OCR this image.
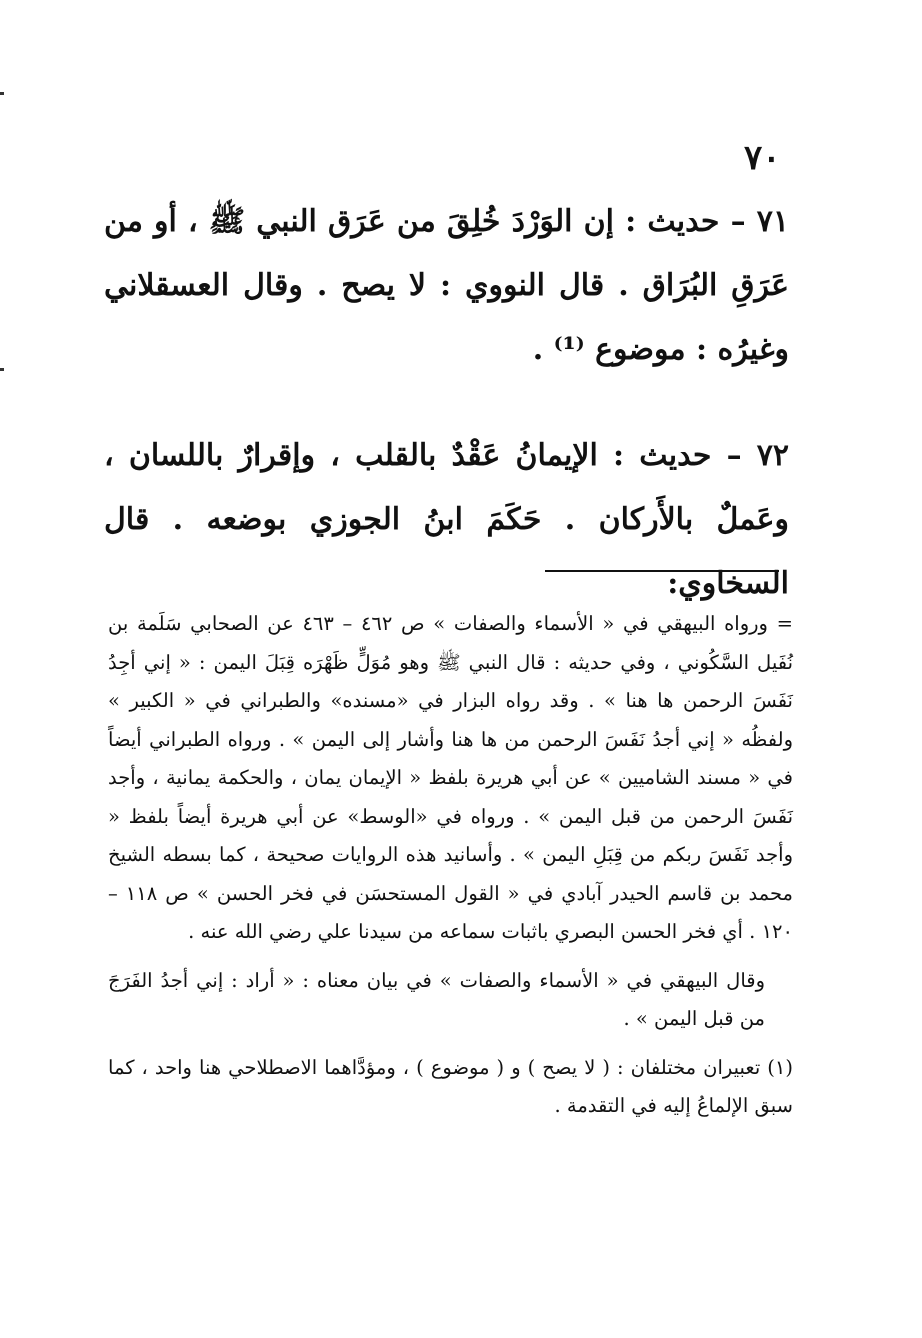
٧٠

٧١ – حديث : إن الوَرْدَ خُلِقَ من عَرَق النبي ﷺ ، أو من عَرَقِ البُرَاق . قال النووي : لا يصح . وقال العسقلاني وغيرُه : موضوع ⁽¹⁾ .

٧٢ – حديث : الإيمانُ عَقْدٌ بالقلب ، وإقرارٌ باللسان ، وعَملٌ بالأَركان . حَكَمَ ابنُ الجوزي بوضعه . قال السخاوي:

= ورواه البيهقي في « الأسماء والصفات » ص ٤٦٢ – ٤٦٣ عن الصحابي سَلَمة بن نُفَيل السَّكُوني ، وفي حديثه : قال النبي ﷺ وهو مُوَلٍّ ظَهْرَه قِبَلَ اليمن : « إني أجِدُ نَفَسَ الرحمن ها هنا » . وقد رواه البزار في «مسنده» والطبراني في « الكبير » ولفظُه « إني أجدُ نَفَسَ الرحمن من ها هنا وأشار إلى اليمن » . ورواه الطبراني أيضاً في « مسند الشاميين » عن أبي هريرة بلفظ « الإيمان يمان ، والحكمة يمانية ، وأجد نَفَسَ الرحمن من قبل اليمن » . ورواه في «الوسط» عن أبي هريرة أيضاً بلفظ « وأجد نَفَسَ ربكم من قِبَلِ اليمن » . وأسانيد هذه الروايات صحيحة ، كما بسطه الشيخ محمد بن قاسم الحيدر آبادي في « القول المستحسَن في فخر الحسن » ص ١١٨ – ١٢٠ . أي فخر الحسن البصري باثبات سماعه من سيدنا علي رضي الله عنه .

وقال البيهقي في « الأسماء والصفات » في بيان معناه : « أراد : إني أجدُ الفَرَجَ من قبل اليمن » .

(١) تعبيران مختلفان : ( لا يصح ) و ( موضوع ) ، ومؤدَّاهما الاصطلاحي هنا واحد ، كما سبق الإلماعُ إليه في التقدمة .
